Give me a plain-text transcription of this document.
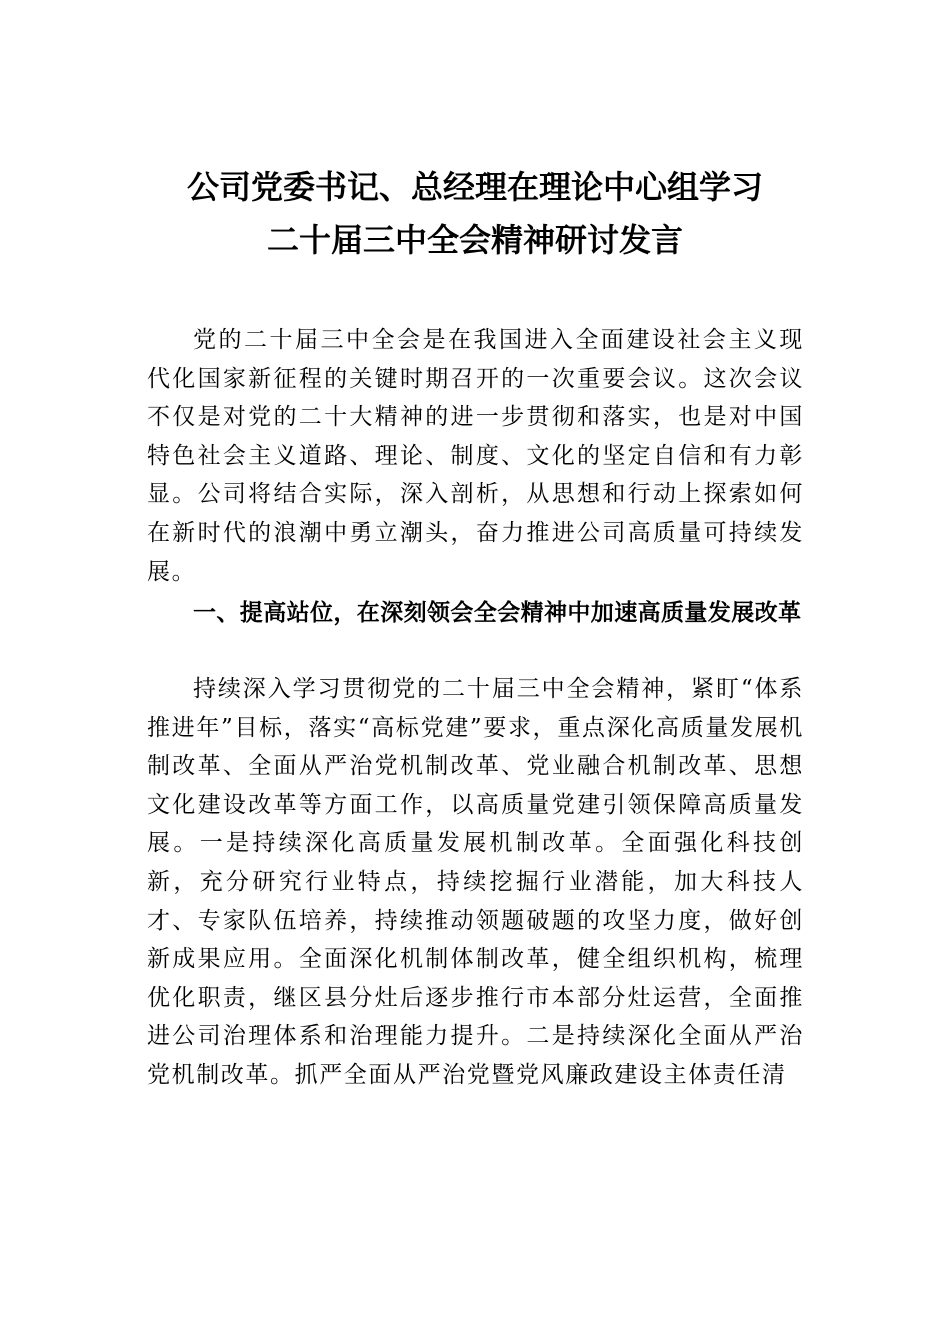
公司党委书记、总经理在理论中心组学习
二十届三中全会精神研讨发言

党的二十届三中全会是在我国进入全面建设社会主义现代化国家新征程的关键时期召开的一次重要会议。这次会议不仅是对党的二十大精神的进一步贯彻和落实，也是对中国特色社会主义道路、理论、制度、文化的坚定自信和有力彰显。公司将结合实际，深入剖析，从思想和行动上探索如何在新时代的浪潮中勇立潮头，奋力推进公司高质量可持续发展。

一、提高站位，在深刻领会全会精神中加速高质量发展改革

持续深入学习贯彻党的二十届三中全会精神，紧盯“体系推进年”目标，落实“高标党建”要求，重点深化高质量发展机制改革、全面从严治党机制改革、党业融合机制改革、思想文化建设改革等方面工作，以高质量党建引领保障高质量发展。一是持续深化高质量发展机制改革。全面强化科技创新，充分研究行业特点，持续挖掘行业潜能，加大科技人才、专家队伍培养，持续推动领题破题的攻坚力度，做好创新成果应用。全面深化机制体制改革，健全组织机构，梳理优化职责，继区县分灶后逐步推行市本部分灶运营，全面推进公司治理体系和治理能力提升。二是持续深化全面从严治党机制改革。抓严全面从严治党暨党风廉政建设主体责任清
